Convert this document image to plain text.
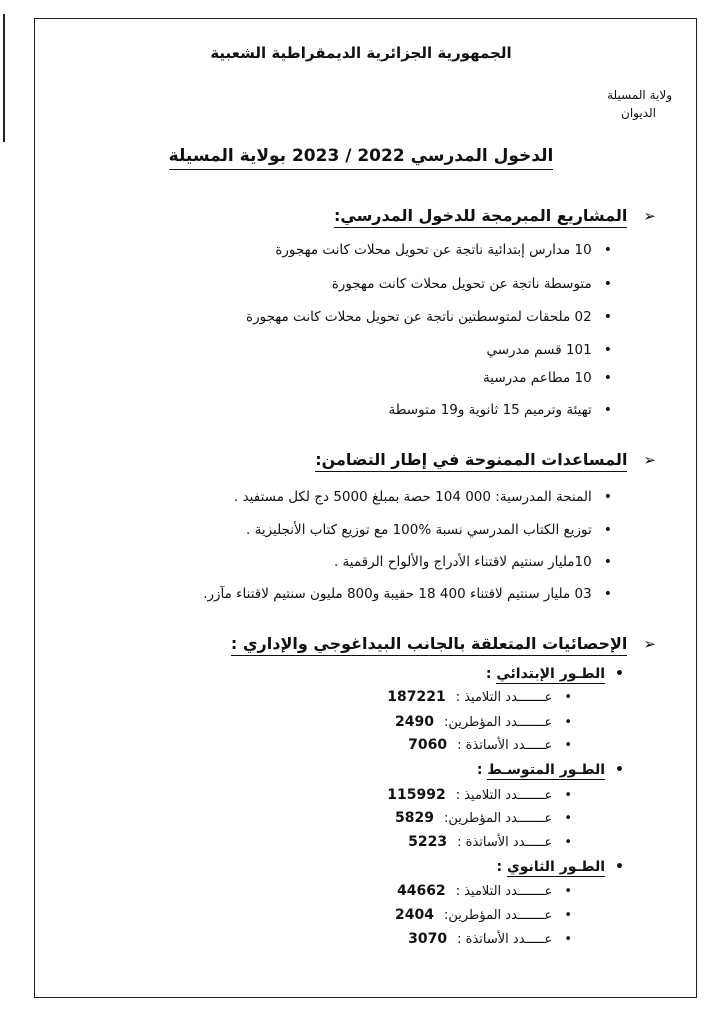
الجمهورية الجزائرية الديمقراطية الشعبية
ولاية المسيلة
الديوان
الدخول المدرسي 2022 / 2023 بولاية المسيلة
➢المشاريع المبرمجة للدخول المدرسي:
•10 مدارس إبتدائية ناتجة عن تحويل محلات كانت مهجورة
•متوسطة ناتجة عن تحويل محلات كانت مهجورة
•02 ملحقات لمتوسطتين ناتجة عن تحويل محلات كانت مهجورة
•101 قسم مدرسي
•10 مطاعم مدرسية
•تهيئة وترميم 15 ثانوية و19 متوسطة
➢المساعدات الممنوحة في إطار التضامن:
•المنحة المدرسية: 000 104 حصة بمبلغ 5000 دج لكل مستفيد .
•توزيع الكتاب المدرسي نسبة %100 مع توزيع كتاب الأنجليزية .
•10مليار سنتيم لاقتناء الأدراج والألواح الرقمية .
•03 مليار سنتيم لاقتناء 400 18 حقيبة و800 مليون سنتيم لاقتناء مآزر.
➢الإحصائيات المتعلقة بالجانب البيداغوجي والإداري :
•الطـور الإبتدائي :
•عـــــــدد التلاميذ :187221
•عـــــــدد المؤطرين:2490
•عـــــدد الأساتذة :7060
•الطـور المتوسـط :
•عـــــــدد التلاميذ :115992
•عـــــــدد المؤطرين:5829
•عـــــدد الأساتذة :5223
•الطـور الثانوي :
•عـــــــدد التلاميذ :44662
•عـــــــدد المؤطرين:2404
•عـــــدد الأساتذة :3070
